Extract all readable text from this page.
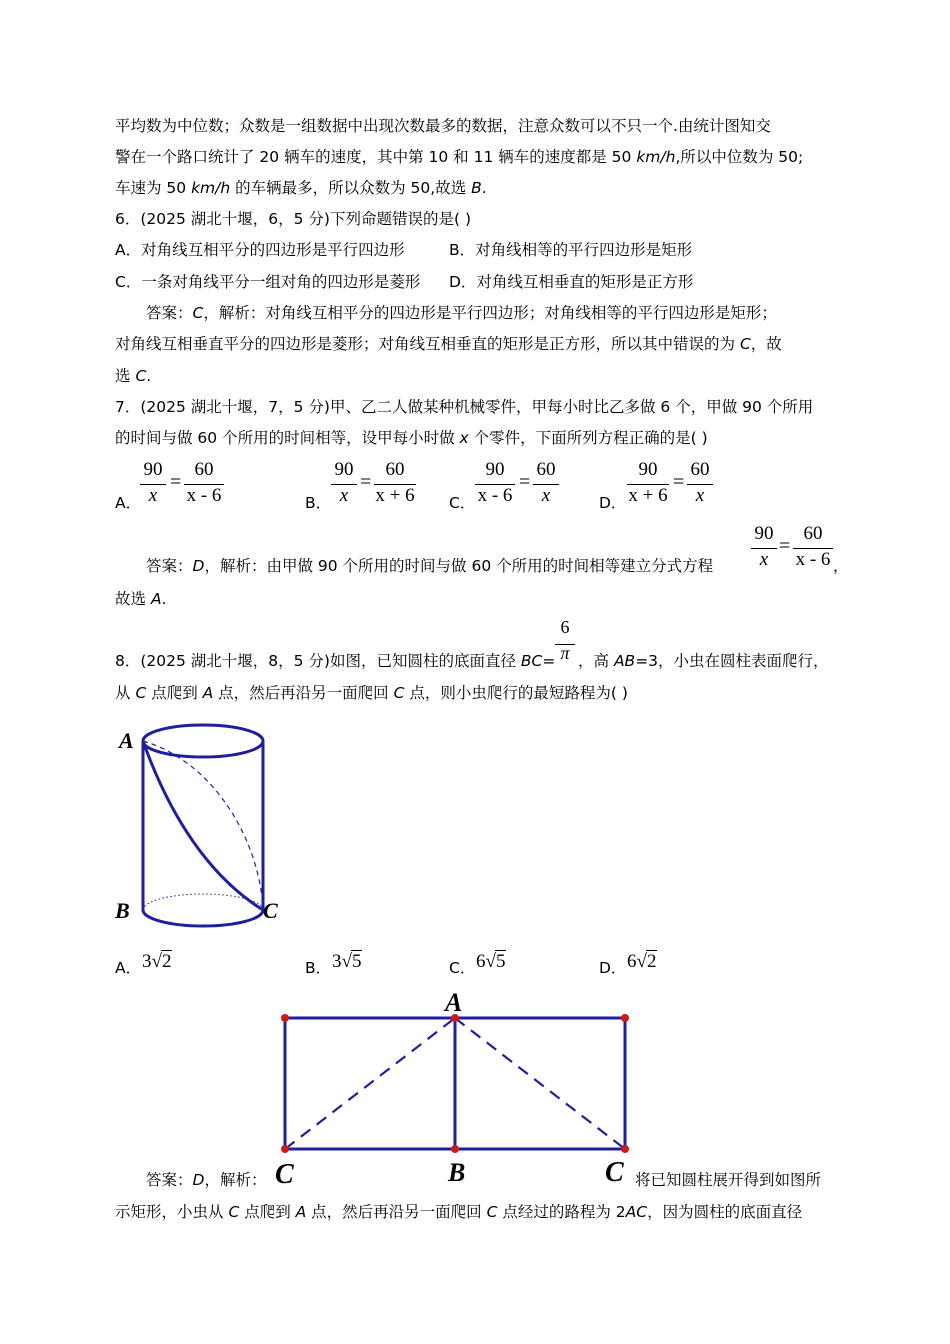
平均数为中位数；众数是一组数据中出现次数最多的数据，注意众数可以不只一个.由统计图知交
警在一个路口统计了 20 辆车的速度，其中第 10 和 11 辆车的速度都是 50 km/h,所以中位数为 50;
车速为 50 km/h 的车辆最多，所以众数为 50,故选 B.
6．(2025 湖北十堰，6，5 分)下列命题错误的是( )
A．对角线互相平分的四边形是平行四边形	B．对角线相等的平行四边形是矩形
C．一条对角线平分一组对角的四边形是菱形 D．对角线互相垂直的矩形是正方形
答案：C，解析：对角线互相平分的四边形是平行四边形；对角线相等的平行四边形是矩形；
对角线互相垂直平分的四边形是菱形；对角线互相垂直的矩形是正方形，所以其中错误的为 C，故
选 C.
7．(2025 湖北十堰，7，5 分)甲、乙二人做某种机械零件，甲每小时比乙多做 6 个，甲做 90 个所用
的时间与做 60 个所用的时间相等，设甲每小时做 x 个零件，下面所列方程正确的是( )
A．
90
x
=
60
x - 6	B．
90
x
=
60
x + 6 C．
90
x - 6
=
60
x	D．
90
x + 6
=
60
x
答案：D，解析：由甲做 90 个所用的时间与做 60 个所用的时间相等建立分式方程
90
x
=
60
x - 6 ，
故选 A.
8．(2025 湖北十堰，8，5 分)如图，已知圆柱的底面直径 BC=
6
π ，高 AB=3，小虫在圆柱表面爬行，
从 C 点爬到 A 点，然后再沿另一面爬回 C 点，则小虫爬行的最短路程为( )
A
B	C
A． 3√2	B． 3√5	C． 6√5	D． 6√2
A
C	B	C
答案：D，解析：	将已知圆柱展开得到如图所
示矩形，小虫从 C 点爬到 A 点，然后再沿另一面爬回 C 点经过的路程为 2AC，因为圆柱的底面直径
